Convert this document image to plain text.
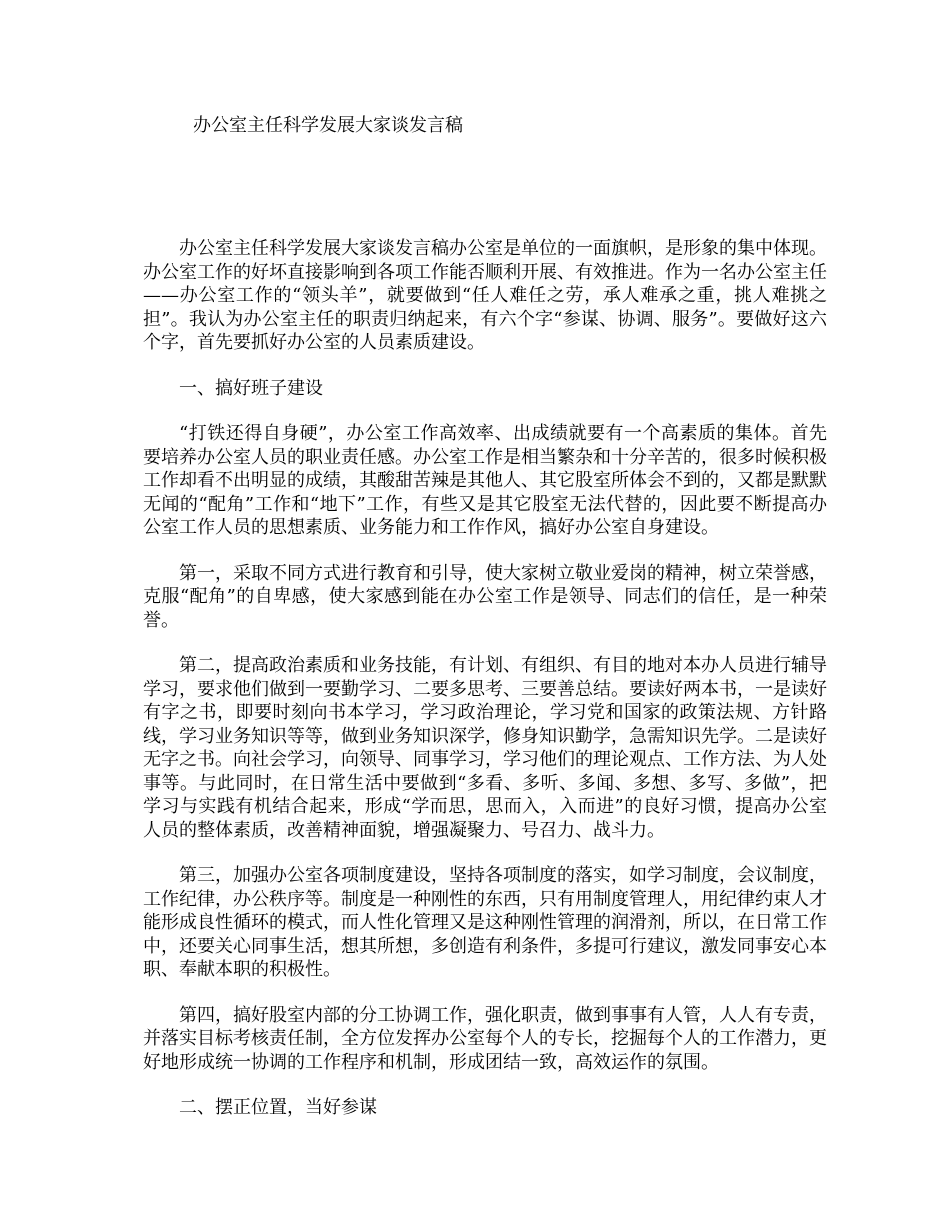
办公室主任科学发展大家谈发言稿

办公室主任科学发展大家谈发言稿办公室是单位的一面旗帜，是形象的集中体现。办公室工作的好坏直接影响到各项工作能否顺利开展、有效推进。作为一名办公室主任——办公室工作的“领头羊”，就要做到“任人难任之劳，承人难承之重，挑人难挑之担”。我认为办公室主任的职责归纳起来，有六个字“参谋、协调、服务”。要做好这六个字，首先要抓好办公室的人员素质建设。

一、搞好班子建设

“打铁还得自身硬”，办公室工作高效率、出成绩就要有一个高素质的集体。首先要培养办公室人员的职业责任感。办公室工作是相当繁杂和十分辛苦的，很多时候积极工作却看不出明显的成绩，其酸甜苦辣是其他人、其它股室所体会不到的，又都是默默无闻的“配角”工作和“地下”工作，有些又是其它股室无法代替的，因此要不断提高办公室工作人员的思想素质、业务能力和工作作风，搞好办公室自身建设。

第一，采取不同方式进行教育和引导，使大家树立敬业爱岗的精神，树立荣誉感，克服“配角”的自卑感，使大家感到能在办公室工作是领导、同志们的信任，是一种荣誉。

第二，提高政治素质和业务技能，有计划、有组织、有目的地对本办人员进行辅导学习，要求他们做到一要勤学习、二要多思考、三要善总结。要读好两本书，一是读好有字之书，即要时刻向书本学习，学习政治理论，学习党和国家的政策法规、方针路线，学习业务知识等等，做到业务知识深学，修身知识勤学，急需知识先学。二是读好无字之书。向社会学习，向领导、同事学习，学习他们的理论观点、工作方法、为人处事等。与此同时，在日常生活中要做到“多看、多听、多闻、多想、多写、多做”，把学习与实践有机结合起来，形成“学而思，思而入，入而进”的良好习惯，提高办公室人员的整体素质，改善精神面貌，增强凝聚力、号召力、战斗力。

第三，加强办公室各项制度建设，坚持各项制度的落实，如学习制度，会议制度，工作纪律，办公秩序等。制度是一种刚性的东西，只有用制度管理人，用纪律约束人才能形成良性循环的模式，而人性化管理又是这种刚性管理的润滑剂，所以，在日常工作中，还要关心同事生活，想其所想，多创造有利条件，多提可行建议，激发同事安心本职、奉献本职的积极性。

第四，搞好股室内部的分工协调工作，强化职责，做到事事有人管，人人有专责，并落实目标考核责任制，全方位发挥办公室每个人的专长，挖掘每个人的工作潜力，更好地形成统一协调的工作程序和机制，形成团结一致，高效运作的氛围。

二、摆正位置，当好参谋
